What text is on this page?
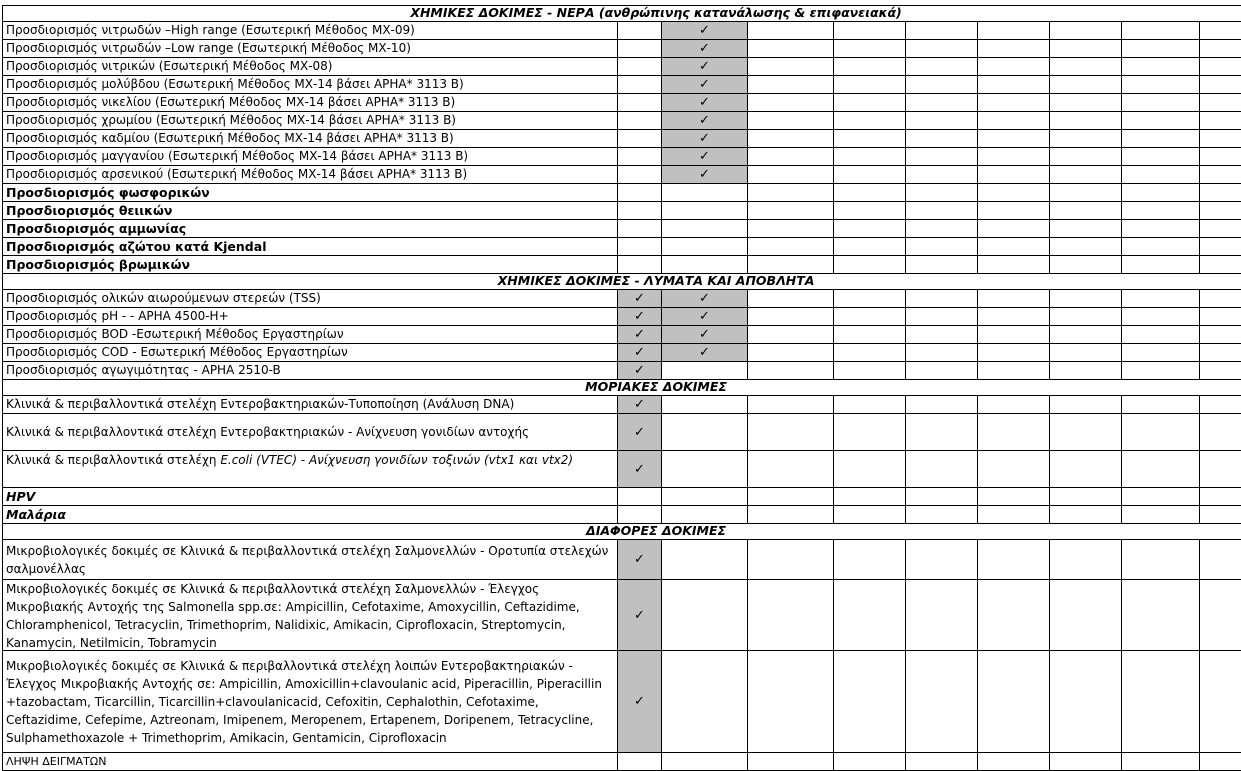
ΧΗΜΙΚΕΣ ΔΟΚΙΜΕΣ - ΝΕΡΑ (ανθρώπινης κατανάλωσης & επιφανειακά)									
Προσδιορισμός νιτρωδών –High range (Εσωτερική Μέθοδος ΜΧ-09)		✓							
Προσδιορισμός νιτρωδών –Low range (Εσωτερική Μέθοδος ΜΧ-10)		✓							
Προσδιορισμός νιτρικών (Εσωτερική Μέθοδος ΜΧ-08)		✓							
Προσδιορισμός μολύβδου (Εσωτερική Μέθοδος ΜΧ-14 βάσει APHA* 3113 B)		✓							
Προσδιορισμός νικελίου (Εσωτερική Μέθοδος ΜΧ-14 βάσει APHA* 3113 B)		✓							
Προσδιορισμός χρωμίου (Εσωτερική Μέθοδος ΜΧ-14 βάσει APHA* 3113 B)		✓							
Προσδιορισμός καδμίου (Εσωτερική Μέθοδος ΜΧ-14 βάσει APHA* 3113 B)		✓							
Προσδιορισμός μαγγανίου (Εσωτερική Μέθοδος ΜΧ-14 βάσει APHA* 3113 B)		✓							
Προσδιορισμός αρσενικού (Εσωτερική Μέθοδος ΜΧ-14 βάσει APHA* 3113 B)		✓							
Προσδιορισμός φωσφορικών									
Προσδιορισμός θειικών									
Προσδιορισμός αμμωνίας									
Προσδιορισμός αζώτου κατά Kjendal									
Προσδιορισμός βρωμικών									
ΧΗΜΙΚΕΣ ΔΟΚΙΜΕΣ - ΛΥΜΑΤΑ ΚΑΙ ΑΠΟΒΛΗΤΑ									
Προσδιορισμός ολικών αιωρούμενων στερεών (TSS)	✓	✓							
Προσδιορισμός pH - - APHA 4500-H+	✓	✓							
Προσδιορισμός BOD -Εσωτερική Μέθοδος Εργαστηρίων	✓	✓							
Προσδιορισμός COD - Εσωτερική Μέθοδος Εργαστηρίων	✓	✓							
Προσδιορισμός αγωγιμότητας - APHA 2510-B	✓								
ΜΟΡΙΑΚΕΣ ΔΟΚΙΜΕΣ									
Κλινικά & περιβαλλοντικά στελέχη Εντεροβακτηριακών-Τυποποίηση (Ανάλυση DNA)	✓								
Κλινικά & περιβαλλοντικά στελέχη Εντεροβακτηριακών - Ανίχνευση γονιδίων αντοχής	✓								
Κλινικά & περιβαλλοντικά στελέχη E.coli (VTEC) - Ανίχνευση γονιδίων τοξινών (vtx1 και vtx2)	✓								
HPV									
Μαλάρια									
ΔΙΑΦΟΡΕΣ ΔΟΚΙΜΕΣ									
Μικροβιολογικές δοκιμές σε Κλινικά & περιβαλλοντικά στελέχη Σαλμονελλών - Οροτυπία στελεχών σαλμονέλλας	✓								

Μικροβιολογικές δοκιμές σε Κλινικά & περιβαλλοντικά στελέχη Σαλμονελλών - Έλεγχος Μικροβιακής Αντοχής της Salmonella spp.σε: Ampicillin, Cefotaxime, Amoxycillin, Ceftazidime, Chloramphenicol, Tetracyclin, Trimethoprim, Nalidixic, Amikacin, Ciprofloxacin, Streptomycin, Kanamycin, Netilmicin, Tobramycin	✓								
Μικροβιολογικές δοκιμές σε Κλινικά & περιβαλλοντικά στελέχη λοιπών Εντεροβακτηριακών - Έλεγχος Μικροβιακής Αντοχής σε: Ampicillin, Amoxicillin+clavoulanic acid, Piperacillin, Piperacillin +tazobactam, Ticarcillin, Ticarcillin+clavoulanicacid, Cefoxitin, Cephalothin, Cefotaxime, Ceftazidime, Cefepime, Aztreonam, Imipenem, Meropenem, Ertapenem, Doripenem, Tetracycline, Sulphamethoxazole + Trimethoprim, Amikacin, Gentamicin, Ciprofloxacin	✓								
ΛΗΨΗ ΔΕΙΓΜΑΤΩΝ									
